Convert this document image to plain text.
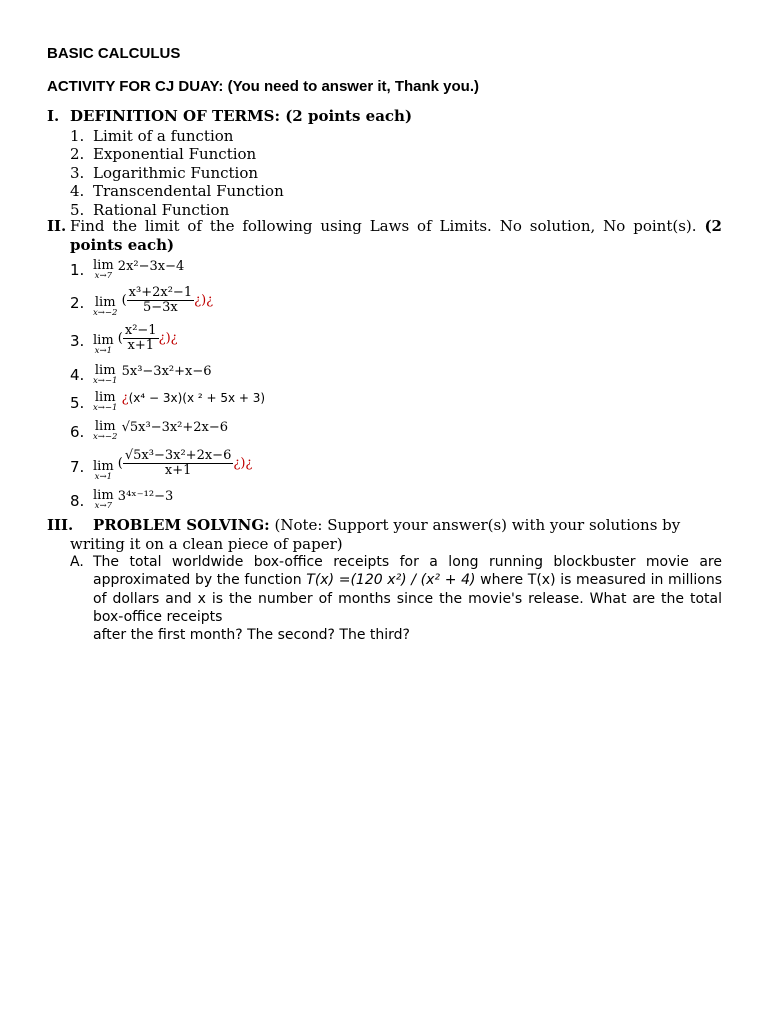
BASIC CALCULUS
ACTIVITY FOR CJ DUAY: (You need to answer it, Thank you.)
I. DEFINITION OF TERMS: (2 points each)
1. Limit of a function
2. Exponential Function
3. Logarithmic Function
4. Transcendental Function
5. Rational Function
II. Find the limit of the following using Laws of Limits. No solution, No point(s). (2
points each)
1. lim
x→7
2x²−3x−4
2. lim
x→−2
( $\frac{\text{x³+2x²−1}}{5-3x}$ ¿)¿
3. lim
x→1
( $\frac{\text{x²−1}}{x+1}$ ¿)¿
4. lim
x→−1
5x³−3x²+x−6
5. lim
x→−1
¿(x⁴ − 3x)(x ² + 5x + 3)
6. lim
x→−2
√5x³−3x²+2x−6
7. lim
x→1
( $\frac{\text{√5x³−3x²+2x−6}}{x+1}$ ¿)¿
8. lim
x→7
3⁴ˣ⁻¹²−3
III. PROBLEM SOLVING: (Note: Support your answer(s) with your solutions by
writing it on a clean piece of paper)
A. The total worldwide box-office receipts for a long running blockbuster movie are approximated by the function T(x) =(120 x²) / (x² + 4) where T(x) is measured in millions of dollars and x is the number of months since the movie's release. What are the total box-office receipts
after the first month? The second? The third?
